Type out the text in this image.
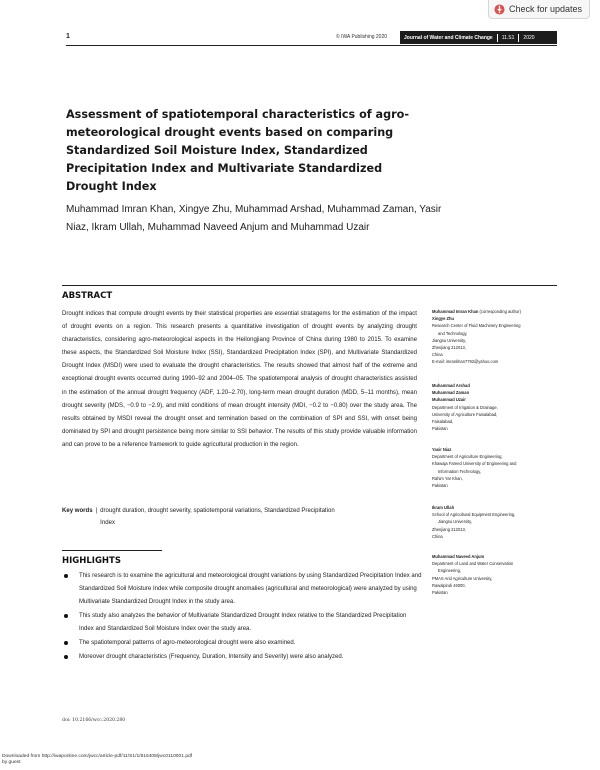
Check for updates
1	© IWA Publishing 2020	Journal of Water and Climate Change	11.S1	2020
Assessment of spatiotemporal characteristics of agro-meteorological drought events based on comparing Standardized Soil Moisture Index, Standardized Precipitation Index and Multivariate Standardized Drought Index

Muhammad Imran Khan, Xingye Zhu, Muhammad Arshad, Muhammad Zaman, Yasir Niaz, Ikram Ullah, Muhammad Naveed Anjum and Muhammad Uzair

ABSTRACT

Drought indices that compute drought events by their statistical properties are essential stratagems for the estimation of the impact of drought events on a region. This research presents a quantitative investigation of drought events by analyzing drought characteristics, considering agro-meteorological aspects in the Heilongjiang Province of China during 1980 to 2015. To examine these aspects, the Standardized Soil Moisture Index (SSI), Standardized Precipitation Index (SPI), and Multivariate Standardized Drought Index (MSDI) were used to evaluate the drought characteristics. The results showed that almost half of the extreme and exceptional drought events occurred during 1990–92 and 2004–05. The spatiotemporal analysis of drought characteristics assisted in the estimation of the annual drought frequency (ADF, 1.20–2.70), long-term mean drought duration (MDD, 5–11 months), mean drought severity (MDS, −0.9 to −2.9), and mild conditions of mean drought intensity (MDI, −0.2 to −0.80) over the study area. The results obtained by MSDI reveal the drought onset and termination based on the combination of SPI and SSI, with onset being dominated by SPI and drought persistence being more similar to SSI behavior. The results of this study provide valuable information and can prove to be a reference framework to guide agricultural production in the region.

Key words | drought duration, drought severity, spatiotemporal variations, Standardized Precipitation Index
HIGHLIGHTS
This research is to examine the agricultural and meteorological drought variations by using Standardized Precipitation Index and Standardized Soil Moisture Index while composite drought anomalies (agricultural and meteorological) were analyzed by using Multivariate Standardized Drought Index in the study area.
This study also analyzes the behavior of Multivariate Standardized Drought Index relative to the Standardized Precipitation Index and Standardized Soil Moisture Index over the study area.
The spatiotemporal patterns of agro-meteorological drought were also examined.
Moreover drought characteristics (Frequency, Duration, Intensity and Severity) were also analyzed.
Muhammad Imran Khan (corresponding author)
Xingye Zhu
Research Center of Fluid Machinery Engineering
and Technology,
Jiangsu University,
Zhenjiang 212013,
China
E-mail: imrankhan7792@yahoo.com
Muhammad Arshad
Muhammad Zaman
Muhammad Uzair
Department of Irrigation & Drainage,
University of Agriculture Faisalabad,
Faisalabad,
Pakistan
Yasir Niaz
Department of Agriculture Engineering,
Khawaja Fareed University of Engineering and
Information Technology,
Rahim Yar Khan,
Pakistan
Ikram Ullah
School of Agricultural Equipment Engineering,
Jiangsu University,
Zhenjiang 212013,
China
Muhammad Naveed Anjum
Department of Land and Water Conservation
Engineering,
PMAS Arid Agriculture University,
Rawalpindi 46000,
Pakistan
doi: 10.2166/wcc.2020.280
Downloaded from http://iwaponline.com/jwcc/article-pdf/11/S1/1/816408/jwc0110001.pdf
by guest
